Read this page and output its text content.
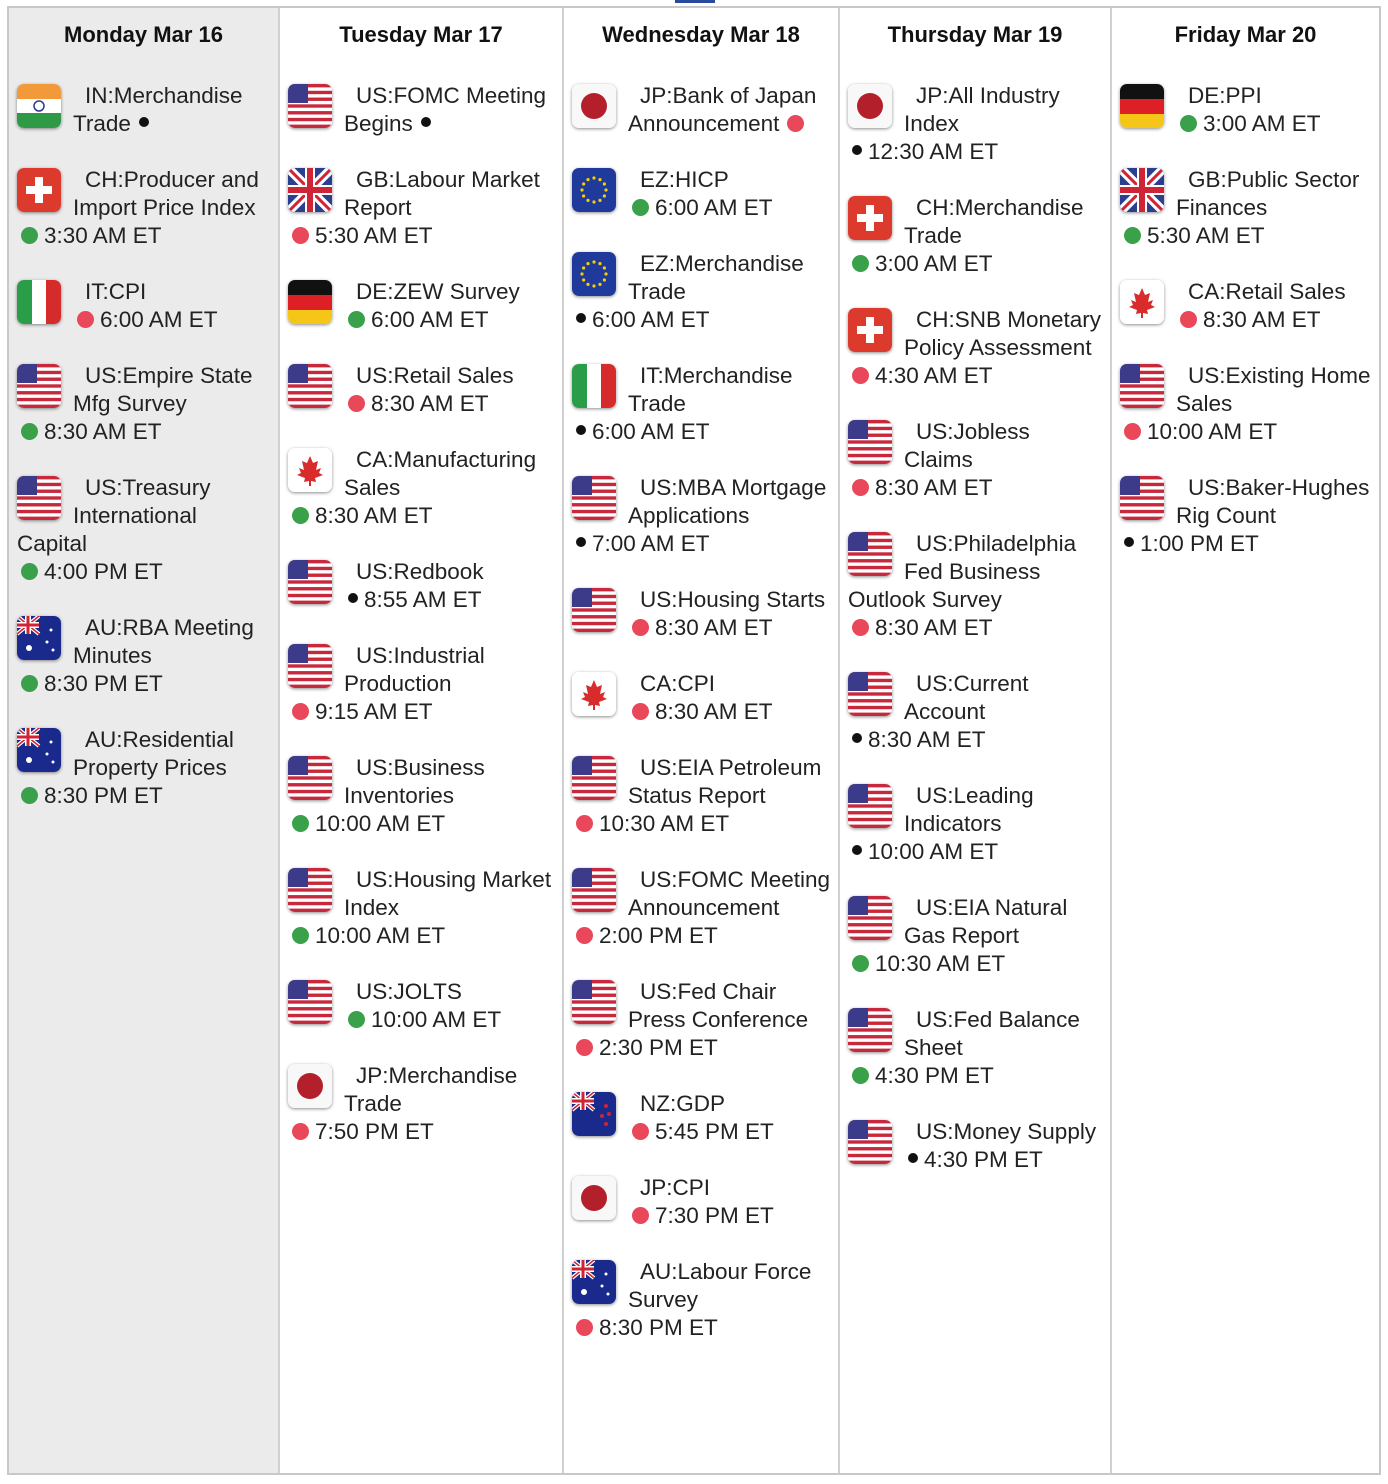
Monday Mar 16
IN:Merchandise Trade
CH:Producer and Import Price Index
3:30 AM ET
IT:CPI
6:00 AM ET
US:Empire State Mfg Survey
8:30 AM ET
US:Treasury International Capital
4:00 PM ET
AU:RBA Meeting Minutes
8:30 PM ET
AU:Residential Property Prices
8:30 PM ET
Tuesday Mar 17
US:FOMC Meeting Begins
GB:Labour Market Report
5:30 AM ET
DE:ZEW Survey
6:00 AM ET
US:Retail Sales
8:30 AM ET
CA:Manufacturing Sales
8:30 AM ET
US:Redbook
8:55 AM ET
US:Industrial Production
9:15 AM ET
US:Business Inventories
10:00 AM ET
US:Housing Market Index
10:00 AM ET
US:JOLTS
10:00 AM ET
JP:Merchandise Trade
7:50 PM ET
Wednesday Mar 18
JP:Bank of Japan Announcement
EZ:HICP
6:00 AM ET
EZ:Merchandise Trade
6:00 AM ET
IT:Merchandise Trade
6:00 AM ET
US:MBA Mortgage Applications
7:00 AM ET
US:Housing Starts
8:30 AM ET
CA:CPI
8:30 AM ET
US:EIA Petroleum Status Report
10:30 AM ET
US:FOMC Meeting Announcement
2:00 PM ET
US:Fed Chair Press Conference
2:30 PM ET
NZ:GDP
5:45 PM ET
JP:CPI
7:30 PM ET
AU:Labour Force Survey
8:30 PM ET
Thursday Mar 19
JP:All Industry Index
12:30 AM ET
CH:Merchandise Trade
3:00 AM ET
CH:SNB Monetary Policy Assessment
4:30 AM ET
US:Jobless Claims
8:30 AM ET
US:Philadelphia Fed Business Outlook Survey
8:30 AM ET
US:Current Account
8:30 AM ET
US:Leading Indicators
10:00 AM ET
US:EIA Natural Gas Report
10:30 AM ET
US:Fed Balance Sheet
4:30 PM ET
US:Money Supply
4:30 PM ET
Friday Mar 20
DE:PPI
3:00 AM ET
GB:Public Sector Finances
5:30 AM ET
CA:Retail Sales
8:30 AM ET
US:Existing Home Sales
10:00 AM ET
US:Baker-Hughes Rig Count
1:00 PM ET
